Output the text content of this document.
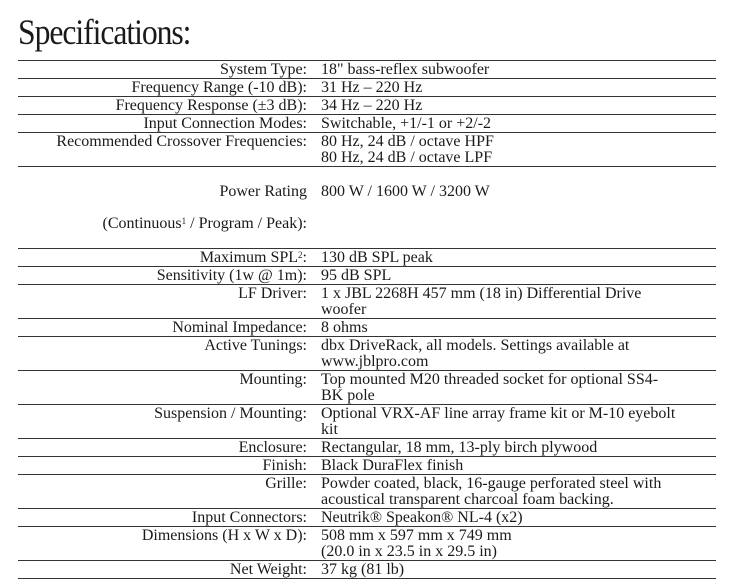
Specifications:
System Type: 18" bass-reflex subwoofer
Frequency Range (-10 dB): 31 Hz – 220 Hz
Frequency Response (±3 dB): 34 Hz – 220 Hz
Input Connection Modes: Switchable, +1/-1 or +2/-2
Recommended Crossover Frequencies: 80 Hz, 24 dB / octave HPF
80 Hz, 24 dB / octave LPF

Power Rating

(Continuous$^1$ / Program / Peak):

800 W / 1600 W / 3200 W
Maximum SPL$^2$: 130 dB SPL peak
Sensitivity (1w @ 1m): 95 dB SPL
LF Driver: 1 x JBL 2268H 457 mm (18 in) Differential Drive
woofer
Nominal Impedance: 8 ohms
Active Tunings: dbx DriveRack, all models. Settings available at
www.jblpro.com
Mounting: Top mounted M20 threaded socket for optional SS4-
BK pole
Suspension / Mounting: Optional VRX-AF line array frame kit or M-10 eyebolt
kit
Enclosure: Rectangular, 18 mm, 13-ply birch plywood
Finish: Black DuraFlex finish
Grille: Powder coated, black, 16-gauge perforated steel with
acoustical transparent charcoal foam backing.
Input Connectors: Neutrik® Speakon® NL-4 (x2)
Dimensions (H x W x D): 508 mm x 597 mm x 749 mm
(20.0 in x 23.5 in x 29.5 in)
Net Weight: 37 kg (81 lb)
